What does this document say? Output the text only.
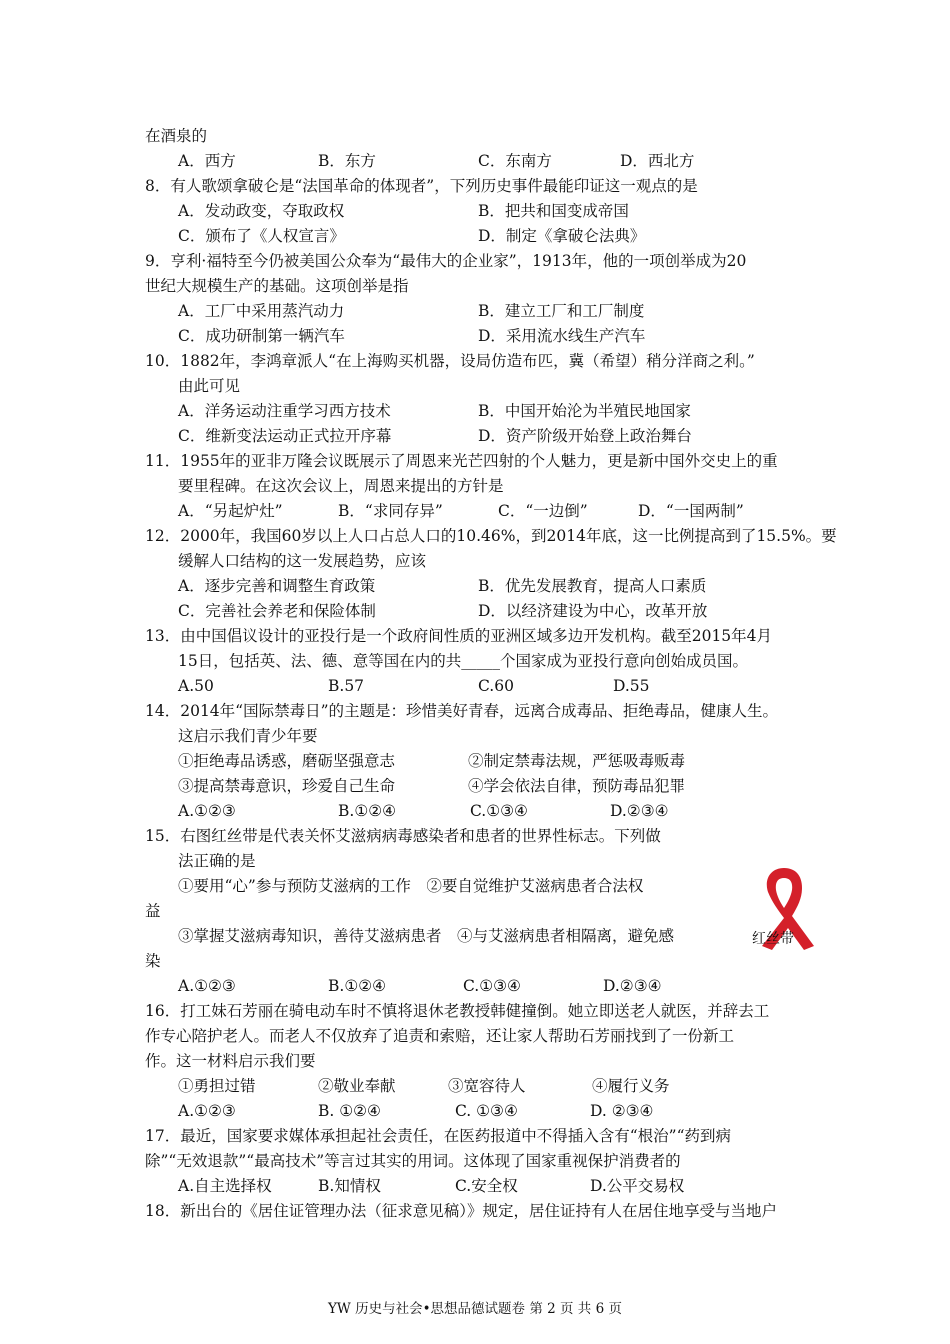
在酒泉的
8．有人歌颂拿破仑是“法国革命的体现者”，下列历史事件最能印证这一观点的是
9．亨利·福特至今仍被美国公众奉为“最伟大的企业家”，1913年，他的一项创举成为20
世纪大规模生产的基础。这项创举是指
10．1882年，李鸿章派人“在上海购买机器，设局仿造布匹，冀（希望）稍分洋商之利。”
由此可见
11．1955年的亚非万隆会议既展示了周恩来光芒四射的个人魅力，更是新中国外交史上的重
要里程碑。在这次会议上，周恩来提出的方针是
12．2000年，我国60岁以上人口占总人口的10.46%，到2014年底，这一比例提高到了15.5%。要
缓解人口结构的这一发展趋势，应该
13．由中国倡议设计的亚投行是一个政府间性质的亚洲区域多边开发机构。截至2015年4月
15日，包括英、法、德、意等国在内的共_____个国家成为亚投行意向创始成员国。
14．2014年“国际禁毒日”的主题是：珍惜美好青春，远离合成毒品、拒绝毒品，健康人生。
这启示我们青少年要
15．右图红丝带是代表关怀艾滋病病毒感染者和患者的世界性标志。下列做
法正确的是
①要用“心”参与预防艾滋病的工作　②要自觉维护艾滋病患者合法权
益
③掌握艾滋病毒知识，善待艾滋病患者　④与艾滋病患者相隔离，避免感
染
16．打工妹石芳丽在骑电动车时不慎将退休老教授韩健撞倒。她立即送老人就医，并辞去工
作专心陪护老人。而老人不仅放弃了追责和索赔，还让家人帮助石芳丽找到了一份新工
作。这一材料启示我们要
17．最近，国家要求媒体承担起社会责任，在医药报道中不得插入含有“根治”“药到病
除”“无效退款”“最高技术”等言过其实的用词。这体现了国家重视保护消费者的
18．新出台的《居住证管理办法（征求意见稿）》规定，居住证持有人在居住地享受与当地户
A．西方	B．东方	C．东南方	D．西北方
A．发动政变，夺取政权	B．把共和国变成帝国
C．颁布了《人权宣言》	D．制定《拿破仑法典》
A．工厂中采用蒸汽动力	B．建立工厂和工厂制度
C．成功研制第一辆汽车	D．采用流水线生产汽车
A．洋务运动注重学习西方技术	B．中国开始沦为半殖民地国家
C．维新变法运动正式拉开序幕	D．资产阶级开始登上政治舞台
A．“另起炉灶”	B．“求同存异”	C．“一边倒”	D．“一国两制”
A．逐步完善和调整生育政策	B．优先发展教育，提高人口素质
C．完善社会养老和保险体制	D．以经济建设为中心，改革开放
A.50	B.57	C.60	D.55
①拒绝毒品诱惑，磨砺坚强意志	②制定禁毒法规，严惩吸毒贩毒
③提高禁毒意识，珍爱自己生命	④学会依法自律，预防毒品犯罪
A.①②③	B.①②④	C.①③④	D.②③④
A.①②③	B.①②④	C.①③④	D.②③④
①勇担过错	②敬业奉献	③宽容待人	④履行义务
A.①②③	B. ①②④	C. ①③④	D. ②③④
A.自主选择权	B.知情权	C.安全权	D.公平交易权
红丝带
YW 历史与社会•思想品德试题卷 第 2 页 共 6 页
